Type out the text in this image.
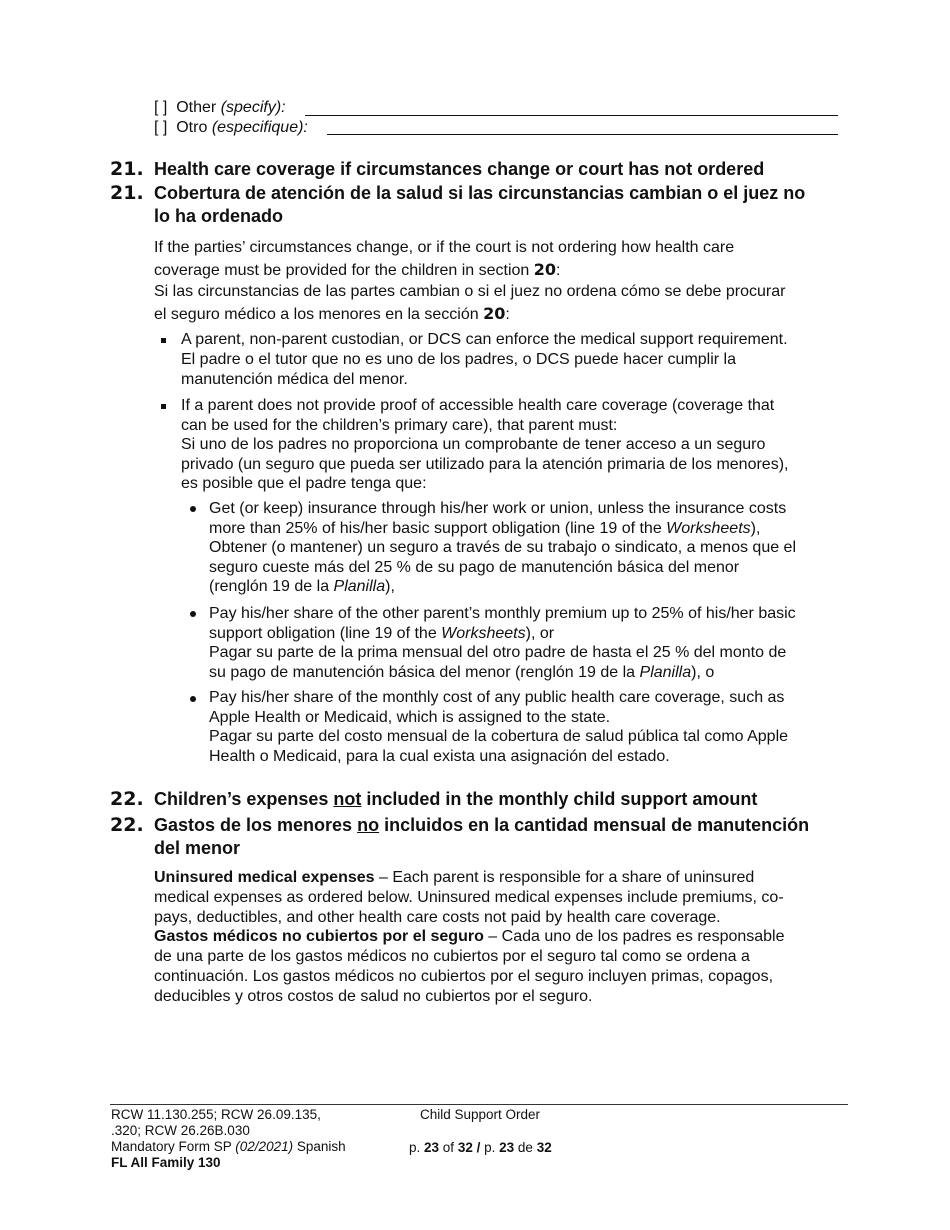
[ ] Other (specify):
[ ] Otro (especifique):
21. Health care coverage if circumstances change or court has not ordered
21. Cobertura de atención de la salud si las circunstancias cambian o el juez no
lo ha ordenado
If the parties’ circumstances change, or if the court is not ordering how health care
coverage must be provided for the children in section 20:
Si las circunstancias de las partes cambian o si el juez no ordena cómo se debe procurar
el seguro médico a los menores en la sección 20:
A parent, non-parent custodian, or DCS can enforce the medical support requirement.
El padre o el tutor que no es uno de los padres, o DCS puede hacer cumplir la
manutención médica del menor.
If a parent does not provide proof of accessible health care coverage (coverage that
can be used for the children’s primary care), that parent must:
Si uno de los padres no proporciona un comprobante de tener acceso a un seguro
privado (un seguro que pueda ser utilizado para la atención primaria de los menores),
es posible que el padre tenga que:
Get (or keep) insurance through his/her work or union, unless the insurance costs
more than 25% of his/her basic support obligation (line 19 of the Worksheets),
Obtener (o mantener) un seguro a través de su trabajo o sindicato, a menos que el
seguro cueste más del 25 % de su pago de manutención básica del menor
(renglón 19 de la Planilla),
Pay his/her share of the other parent’s monthly premium up to 25% of his/her basic
support obligation (line 19 of the Worksheets), or
Pagar su parte de la prima mensual del otro padre de hasta el 25 % del monto de
su pago de manutención básica del menor (renglón 19 de la Planilla), o
Pay his/her share of the monthly cost of any public health care coverage, such as
Apple Health or Medicaid, which is assigned to the state.
Pagar su parte del costo mensual de la cobertura de salud pública tal como Apple
Health o Medicaid, para la cual exista una asignación del estado.
22. Children’s expenses not included in the monthly child support amount
22. Gastos de los menores no incluidos en la cantidad mensual de manutención
del menor
Uninsured medical expenses – Each parent is responsible for a share of uninsured
medical expenses as ordered below. Uninsured medical expenses include premiums, co-
pays, deductibles, and other health care costs not paid by health care coverage.
Gastos médicos no cubiertos por el seguro – Cada uno de los padres es responsable
de una parte de los gastos médicos no cubiertos por el seguro tal como se ordena a
continuación. Los gastos médicos no cubiertos por el seguro incluyen primas, copagos,
deducibles y otros costos de salud no cubiertos por el seguro.
RCW 11.130.255; RCW 26.09.135,
.320; RCW 26.26B.030
Mandatory Form SP (02/2021) Spanish
FL All Family 130
Child Support Order
p. 23 of 32 / p. 23 de 32
